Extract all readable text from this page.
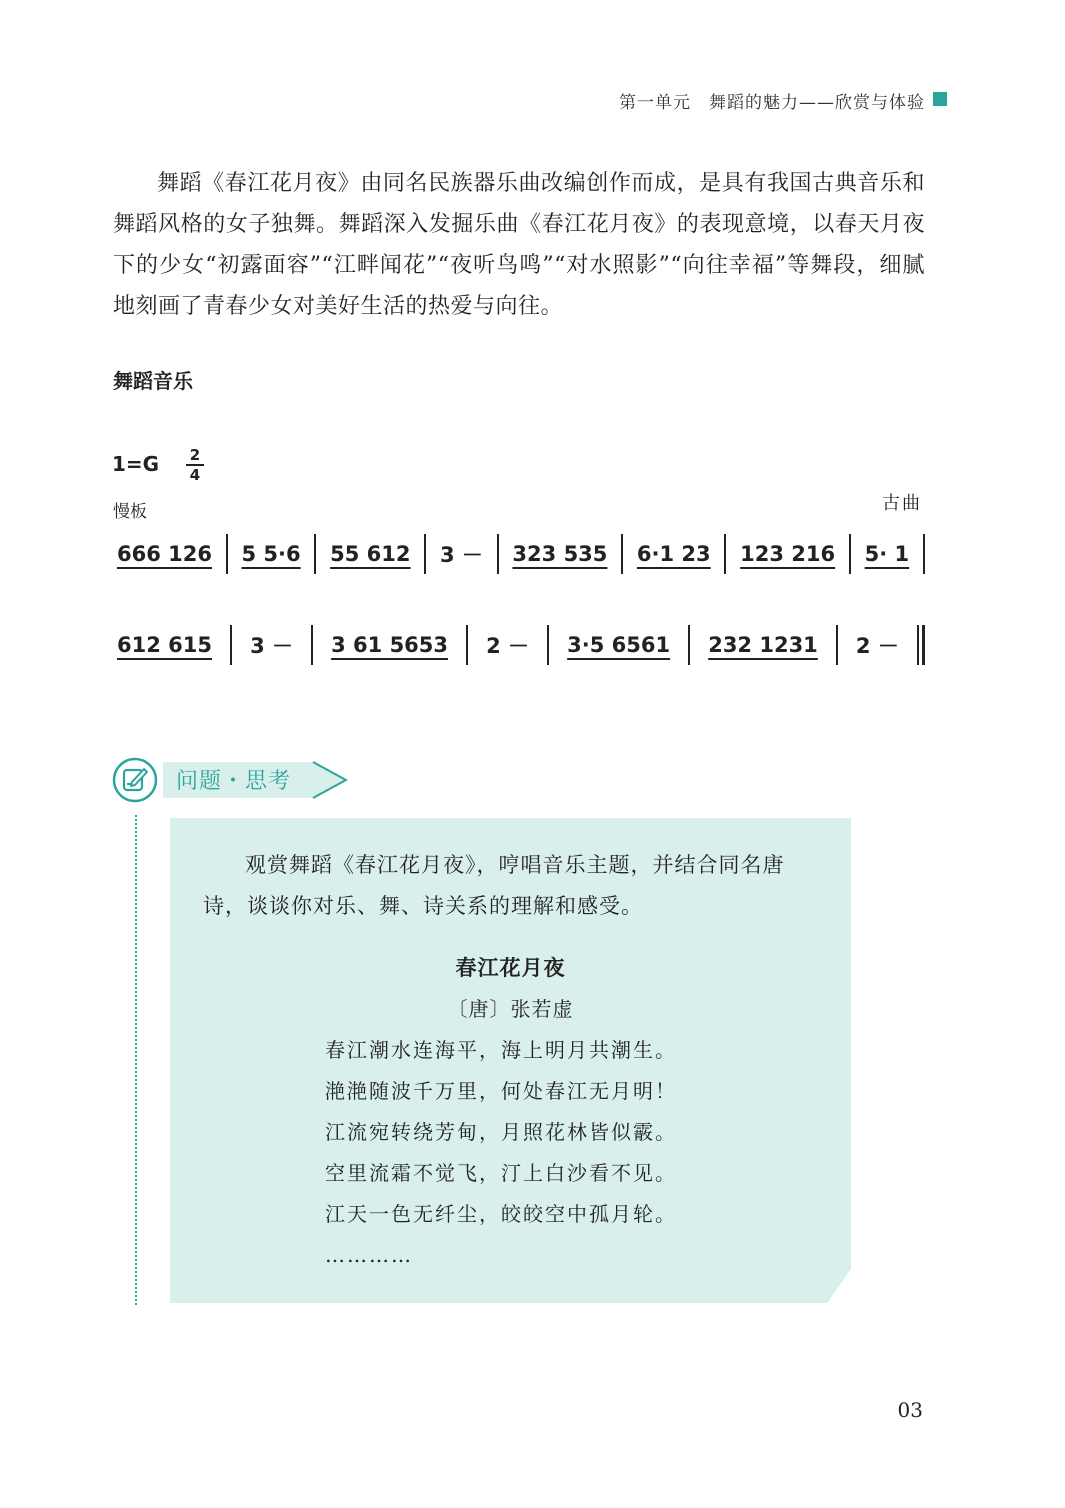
第一单元　舞蹈的魅力——欣赏与体验
舞蹈《春江花月夜》由同名民族器乐曲改编创作而成，是具有我国古典音乐和舞蹈风格的女子独舞。舞蹈深入发掘乐曲《春江花月夜》的表现意境，以春天月夜下的少女“初露面容”“江畔闻花”“夜听鸟鸣”“对水照影”“向往幸福”等舞段，细腻地刻画了青春少女对美好生活的热爱与向往。
舞蹈音乐
1=G 2
4
慢板	古曲
666 126 5 5·6 55 612 3 － 323 535 6·1 23 123 216 5· 1
612 615 3 － 3 61 5653 2 － 3·5 6561 232 1231 2 －
问题・思考
观赏舞蹈《春江花月夜》，哼唱音乐主题，并结合同名唐诗，谈谈你对乐、舞、诗关系的理解和感受。
春江花月夜
〔唐〕张若虚
春江潮水连海平，海上明月共潮生。
滟滟随波千万里，何处春江无月明！
江流宛转绕芳甸，月照花林皆似霰。
空里流霜不觉飞，汀上白沙看不见。
江天一色无纤尘，皎皎空中孤月轮。
…………
03
